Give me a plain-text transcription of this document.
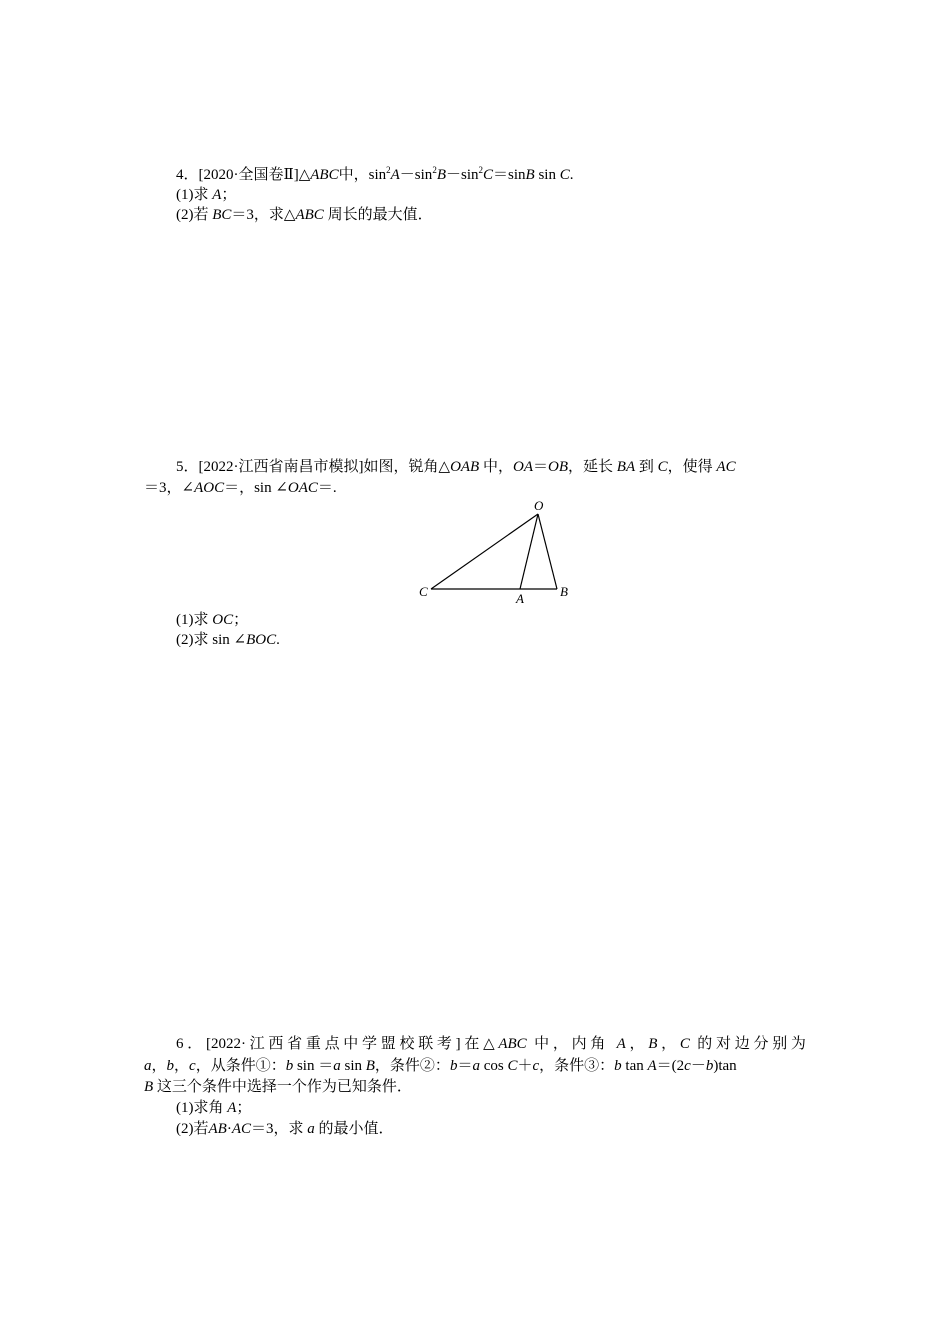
4．[2020·全国卷Ⅱ]△ABC中，$\sin^2A-\sin^2B-\sin^2C=\sin B$ sin C.
(1)求 A；
(2)若 BC＝3，求△ABC 周长的最大值．
5．[2022·江西省南昌市模拟]如图，锐角△OAB 中，OA＝OB，延长 BA 到 C，使得 AC
＝3，∠AOC＝，sin ∠OAC＝.
O
A	B
C
(1)求 OC；
(2)求 sin ∠BOC.
6．[2022·江西省重点中学盟校联考]在△ABC 中，内角 A，B，C 的对边分别为
a，b，c，从条件①：b sin ＝a sin B，条件②：b＝a cos C＋c，条件③：b tan A＝(2c－b)tan
B 这三个条件中选择一个作为已知条件．
(1)求角 A；
(2)若AB·AC＝3，求 a 的最小值．
